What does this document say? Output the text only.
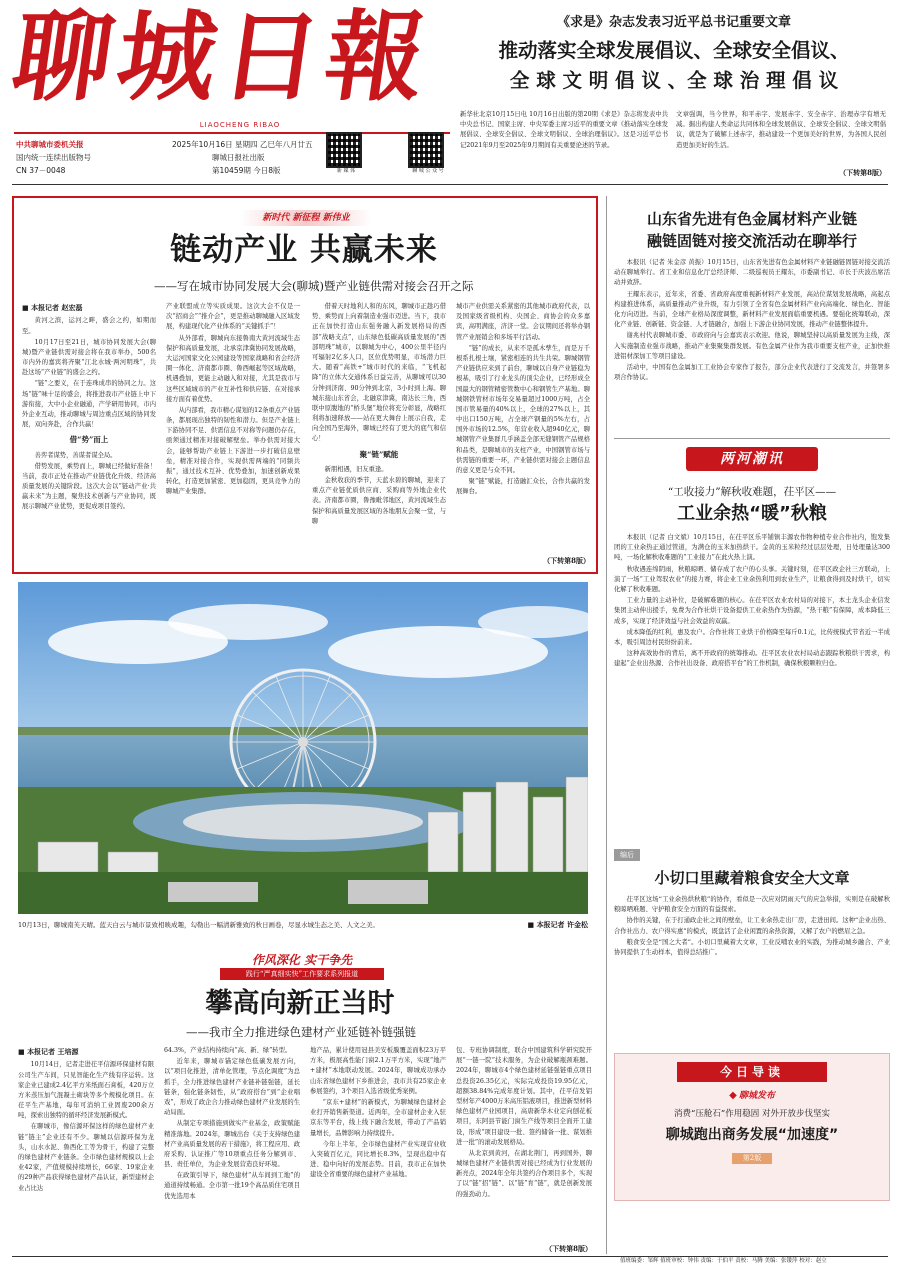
聊城日報
LIAOCHENG RIBAO
中共聊城市委机关报
国内统一连续出版物号
CN 37－0048
2025年10月16日 星期四 乙巳年八月廿五
聊城日报社出版
第10459期 今日8版	新 媒 体	聊 城 公 众 号
《求是》杂志发表习近平总书记重要文章
推动落实全球发展倡议、全球安全倡议、
全 球 文 明 倡 议 、全 球 治 理 倡 议
新华社北京10月15日电 10月16日出版的第20期《求是》杂志将发表中共中央总书记、国家主席、中央军委主席习近平的重要文章《推动落实全球发展倡议、全球安全倡议、全球文明倡议、全球治理倡议》。这是习近平总书记2021年9月至2025年9月期间有关重要论述的节录。
文章强调，当今世界，和平赤字、发展赤字、安全赤字、治理赤字有增无减。掘出构建人类命运共同体和全球发展倡议、全球安全倡议、全球文明倡议，就是为了破解上述赤字，推动建设一个更加美好的世界，为各国人民创造更加美好的生活。
（下转第8版）
新时代 新征程 新伟业
链动产业 共赢未来
——写在城市协同发展大会(聊城)暨产业链供需对接会召开之际
■ 本报记者 赵宏磊

黄河之滨，运河之畔，盛会之约，如期而至。

10月17日至21日，城市协同发展大会(聊城)暨产业链供需对接会将在我市举办，500名市内外的嘉宾将齐聚“江北水城·两河明珠”，共赴这场“产业链”的盛会之约。

“链”之要义，在于连珠成串的协同之力。这场“链”味十足的盛会，将推进我市产业链上中下游衔接，大中小企业融通，产学研用协同，市内外企业互动，推动聊城与周边重点区域的协同发展，双向奔赴，合作共赢！

借“势”而上

善弈者谋势，善谋者谋全局。

借势发展，乘势而上，聊城已经做好准备！当前，我市正处在推动产业链优化升级、经济高质量发展的关键阶段。这次大会以“链动产业·共赢未来”为主题，聚焦技术创新与产业协同，既展示聊城产业优势，更促成项目签约。

产业联盟成立等实质成果。这次大会不仅是一次“招商会”“推介会”，更是推动聊城融入区域发展，构建现代化产业体系的“关键抓手”！

从外部看，聊城向东接鲁南大黄河流域生态保护和高质量发展，北承京津冀协同发展战略，大运河国家文化公园建设等国家战略和省会经济圈一体化、济南都市圈、鲁西崛起等区域战略，机遇叠加，更能主动融入和对接，尤其是我市与这些区域城市的产业互补性和供应链、在对接承接方面有着优势。

从内部看，我市精心谋划的12条重点产业链条，都展现出独特的韧性和潜力。但是产业链上下游协同不足、供需信息不对称等问题仍存在，亟须通过精准对接破解壁垒。举办供需对接大会，能够帮助产业链上下游进一步打破信息壁垒，精准对接合作，实现供需两端的“同频共振”，通过技术互补、优势叠加，加速创新成果转化，打造更加紧密、更加稳固，更具竞争力的聊城产业集群。

借着天时地利人和的东风，聊城市正趁巧借势、乘势而上向着制造业强市迈进。当下，我市正在加快打造山东强务融入新发展格局的西部“战略支点”，山东绿色低碳高质量发展的“西部明珠”城市，以聊城为中心，400公里半径内可辐射2亿多人口，区位优势明显，市场潜力巨大。随着“高铁+”城市时代的来临，“飞机起降”的立体大交通体系日益完善，从聊城可以30分钟到济南、90分钟到北京，3小时到上海。聊城东接山东省会，北融京津冀，南达长三角，西联中原腹地的“桥头堡”地位将充分彰显，战略红利将加速释放——站在更大舞台上展示自我，走向全国乃至海外，聊城已经有了更大的底气和信心！

聚“链”赋能

新朋相遇，旧友重逢。

金秋收获的季节，天蓝水碧的聊城，迎来了重点产业链优质供应商、采购商等外地企业代表。济南都市圈，鲁豫毗邻地区，黄河流域生态保护和高质量发展区域的各地朋友会聚一堂，与聊

城市产业供需关系紧密的其他城市政府代表，以及国家级省级机构、央国企、商协会的众多嘉宾，高明满座，济济一堂。会议期间还将举办钢管产业展销会和多场平行活动。

“链”的成长，从来不是孤木孳生，而是万千根系扎根土壤，紧密相连的共生共荣。聊城钢管产业链供应来到了前台，聊城以自身产业链稳为根基，吸引了行业龙头的顶尖企业，已经形成全国最大的钢管精密管数中心和钢管生产基地。聊城钢铁管材市场年交易量超过1000万吨，占全国市管易量的40%以上，全球的27%以上，其中出口150万吨，占全球产钢量的5%左右，占国外市场的12.5%，年营业收入超940亿元，聊城钢管产业集群几乎涵盖全部无缝钢管产品规格和品类，是聊城市的支柱产业，中国钢管市场与供需链的重要一环，产业链供需对接会主题信息的意义更是与众不同。

聚“链”赋能，打造融汇众长，合作共赢的发展舞台。

（下转第8版）
10月13日，聊城南芙天晴。蓝天白云与城市景致相映成趣，勾勒出一幅清新雅致的秋日画卷，尽显水城生态之美、人文之美。	■ 本报记者 许金松
作风深化 实干争先
践行“严真细实快”工作要求系列报道
攀高向新正当时
——我市全力推进绿色建材产业延链补链强链
■ 本报记者 王培源

10月14日，记者走进茌平信源环保建材有限公司生产车间，只见智能化生产线有序运转。这家企业已建成2.4亿平方米纸面石膏板，420万立方米蒸压加气混凝土砌块等多个规模化项目。在茌平生产基地，每年可消纳工业固废200余万吨，探索出独特的循环经济发展新模式。

在聊城市，像信源环保这样的绿色建材产业链“链主”企业还有不少。聊城以信源环保为龙头，山水水泥、鲁西化工等为骨干，构建了完整的绿色建材产业链条。全市绿色建材规模以上企业42家，产值规模持续增长，66家、19家企业的29种产品获得绿色建材产品认证，新型建材企业占比达

64.3%，产业结构持续向“高、新、绿”转型。

近年来，聊城市锚定绿色低碳发展方向，以“项目化推进，清单化管理，节点化调度”为总抓手，全力推进绿色建材产业链补链强链，延长链条，强化链条韧性，从“政府搭台”到“企业唱戏”，形成了政企合力推动绿色建材产业发展的生动局面。

从制定专项措施到做实产业基金，政策赋能精准落地。2024年，聊城出台《关于支持绿色建材产业高质量发展的若干措施》，将工程应用、政府采购、认证推广等10项重点任务分解到市、县、责任单位，为企业发展营造良好环境。

在政策引导下，绿色建材“从车间到工地”的通道持续畅通。全市第一批19个高品质住宅项目优先选用本

地产品，累计使用冠县美安板膜覆盖面积23万平方米，极展高性能门窗2.1万平方米，实现“地产+建材”本地联动发展。2024年，聊城成功承办山东省绿色建材下乡推进会，我市共有25家企业参展签约，3个项目入选省级优秀案例。

“京东+建材”的新模式，为聊城绿色建材企业打开销售新渠道。近两年，全市建材企业入驻京东等平台，线上线下融合发展，带动了产品销量增长，品牌影响力持续提升。

今年上半年，全市绿色建材产业实现营业收入突破百亿元，同比增长8.3%，呈现出稳中有进、稳中向好的发展态势。目前，我市正在加快建设全省重要的绿色建材产业基地。

包、专班协调制度，联合中国建筑科学研究院开展“一链一院”技术服务，为企业破解瓶颈难题。2024年，聊城市4个绿色建材延链强链重点项目总投资26.35亿元，实际完成投资19.95亿元，超额38.84%完成年度计划。其中，茌平信发铝型材年产4000万米高压铝液项目，推进新型材料绿色建材产业园项目，高唐新华木业定向刨花板项目，东阿县节能门窗生产线等项目全面开工建设，形成“项目建设一批、签约储备一批、谋划推进一批”的滚动发展格局。

从北京到黄河，在湖北荆门，再到国外，聊城绿色建材产业链供需对接已经成为行业发展的新亮点，2024年全年共签约合作项目多个，实现了以“链”招“链”、以“链”育“链”，就是创新发展的强劲动力。

（下转第8版）
山东省先进有色金属材料产业链
融链固链对接交流活动在聊举行

本报讯（记者 朱金彦 黄振）10月15日，山东省先进有色金属材料产业链融链固链对接交流活动在聊城举行。省工业和信息化厅总经济师、二级巡视员王耀东，市委副书记、市长于庆波出席活动并致辞。

王耀东表示，近年来，省委、省政府高度重视新材料产业发展，高站位谋划发展战略，高起点构建推进体系，高质量推动产业升级，有力引领了全省有色金属材料产业向高端化、绿色化、智能化方向迈进。当前，全球产业格局深度调整，新材料产业发展面临重要机遇。要强化统筹联动，深化产业链、创新链、资金链、人才链融合，加强上下游企业协同发展，推动产业链整体提升。

谢兆村代表聊城市委、市政府向与会嘉宾表示欢迎。他说，聊城坚持以高质量发展为主线，深入实施制造业强市战略，推动产业集聚集群发展。有色金属产业作为我市重要支柱产业，正加快推进铝材深加工等项目建设。

活动中，中国有色金属加工工业协会专家作了报告，部分企业代表进行了交流发言，并签署多项合作协议。

两河潮讯
“工收接力”解秋收难题，茌平区——
工业余热“暖”秋粮

本报讯（记者 白文斌）10月15日，在茌平区乐平铺镇丰源农作物种植专业合作社内，饱发集团的工业余热正通过管道，为满仓的玉米加热烘干。金黄的玉米粒经过层层处理，日处理量达300吨，一场化解秋收难题的“工业接力”在此火热上演。

秋收遇连绵阴雨，秋粮晾晒、储存成了农户的心头事。关键时刻，茌平区政企社三方联动，上演了一场“工业驾驭农业”的接力赛，将企业工业余热利用到农业生产，让粮食得到及时烘干，切实化解了秋收难题。

工业力量的主动补位，是破解难题的核心。在茌平区农业农村局的对接下，本土龙头企业信发集团主动伸出援手，免费为合作社烘干设备提供工业余热作为热源，“热干粮”有保障，成本降低三成多，实现了经济效益与社会效益的双赢。

成本降低的红利，惠及农户。合作社将工业烘干价格降至每斤0.1元，比传统模式节省近一半成本，吸引周边村民纷纷前来。

这种高效协作的背后，离不开政府的统筹推动。茌平区农业农村局动态跟踪秋粮烘干需求，构建起“企业出热源、合作社出设备、政府搭平台”的工作机制，确保秋粮颗粒归仓。

编后
小切口里藏着粮食安全大文章

茌平区这场“工业余热烘秋粮”的协作，看似是一次应对阴雨天气的应急举措，实则是在破解秋粮晾晒难题、守护粮食安全方面的有益探索。

协作的关键，在于打通政企社之间的壁垒，让工业余热走出厂房，走进田间。这种“企业出热、合作社出力、农户得实惠”的模式，既盘活了企业闲置的余热资源，又解了农户的燃眉之急。

粮食安全是“国之大者”。小切口里藏着大文章，工业反哺农业的实践，为推动城乡融合、产业协同提供了生动样本，值得总结推广。

今日导读
◆ 聊城发布
消费“压舱石”作用稳固 对外开放步伐坚实
聊城跑出商务发展“加速度”
第2版
值班编委：邹辉 值班审校：钟伟 责编：于伯平 责校：马腾 美编：张镂萍 校对：赵立
